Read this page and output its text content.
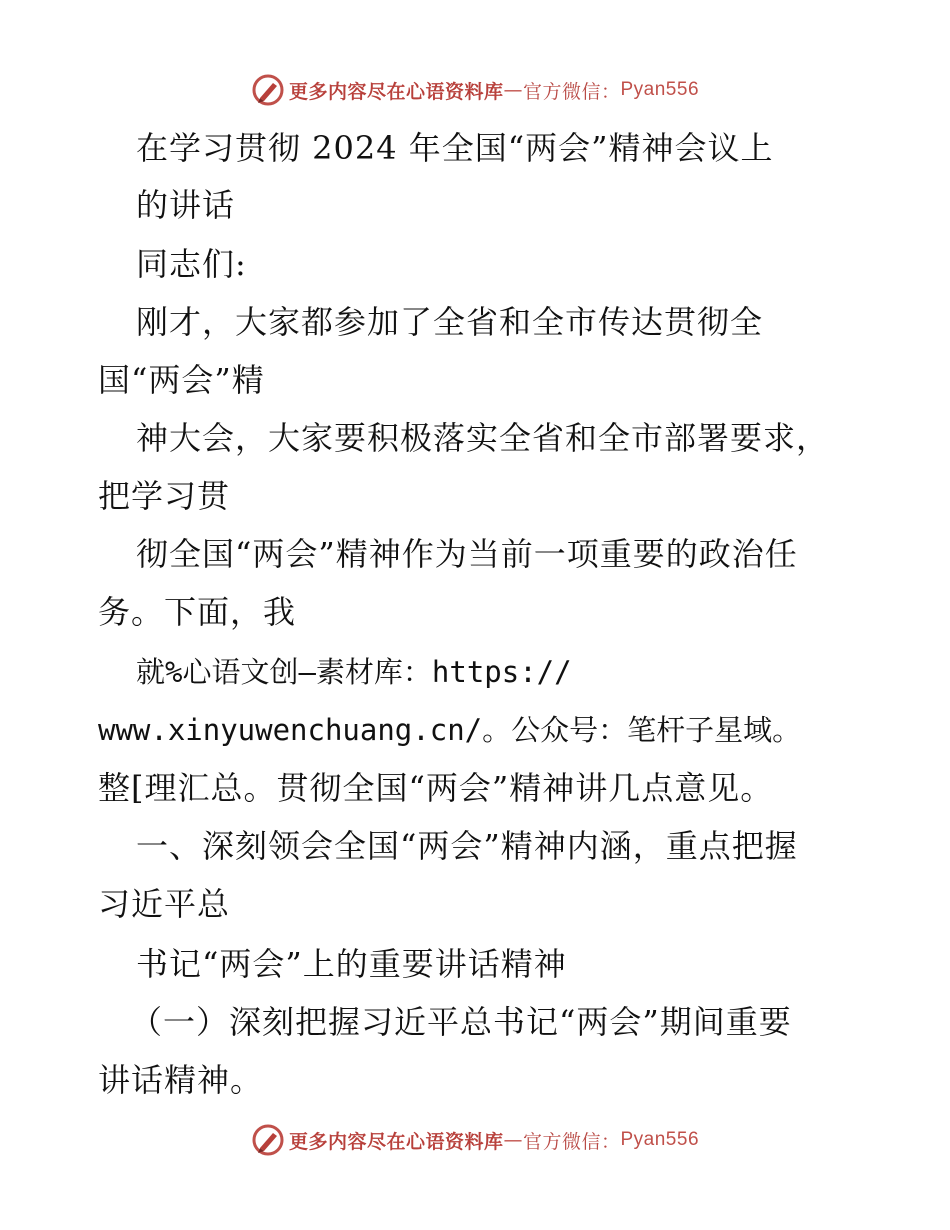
更多内容尽在心语资料库 — 官方微信： Pyan556
在学习贯彻 2024 年全国“两会”精神会议上
的讲话
同志们:
刚才，大家都参加了全省和全市传达贯彻全
国“两会”精
神大会，大家要积极落实全省和全市部署要求，
把学习贯
彻全国“两会”精神作为当前一项重要的政治任
务。下面，我
就%心语文创—素材库：https://
www.xinyuwenchuang.cn/。公众号：笔杆子星域。
整[理汇总。贯彻全国“两会”精神讲几点意见。
一、深刻领会全国“两会”精神内涵，重点把握
习近平总
书记“两会”上的重要讲话精神
（一）深刻把握习近平总书记“两会”期间重要
讲话精神。
更多内容尽在心语资料库 — 官方微信： Pyan556
